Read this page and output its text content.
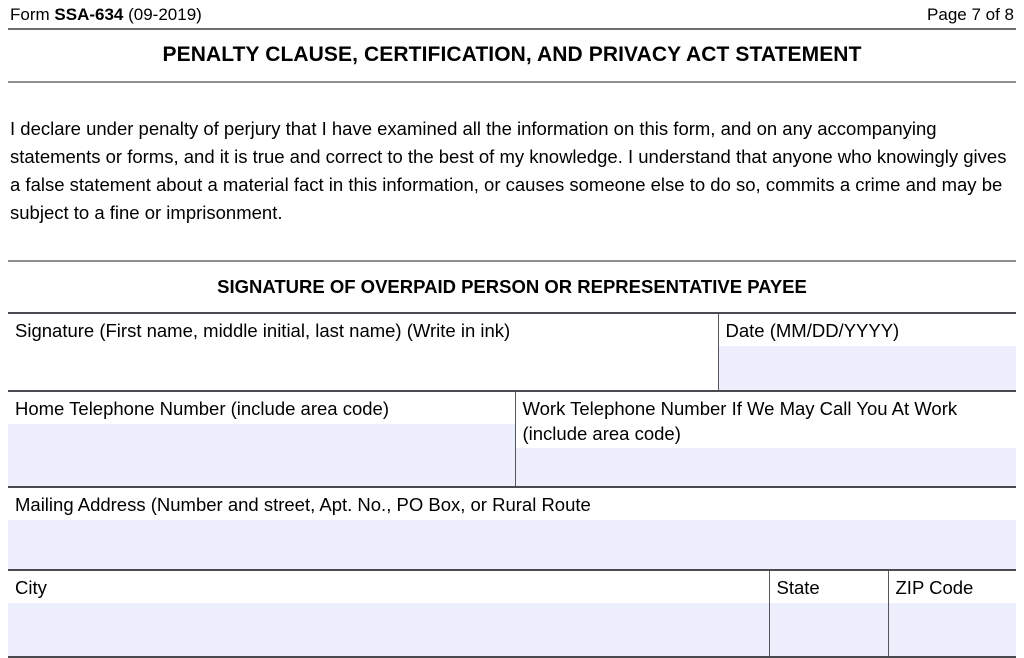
Form SSA-634 (09-2019)	Page 7 of 8
PENALTY CLAUSE, CERTIFICATION, AND PRIVACY ACT STATEMENT

I declare under penalty of perjury that I have examined all the information on this form, and on any accompanying statements or forms, and it is true and correct to the best of my knowledge. I understand that anyone who knowingly gives a false statement about a material fact in this information, or causes someone else to do so, commits a crime and may be subject to a fine or imprisonment.

SIGNATURE OF OVERPAID PERSON OR REPRESENTATIVE PAYEE
Signature (First name, middle initial, last name) (Write in ink)	Date (MM/DD/YYYY)
Home Telephone Number (include area code)	Work Telephone Number If We May Call You At Work (include area code)
Mailing Address (Number and street, Apt. No., PO Box, or Rural Route
City	State	ZIP Code
